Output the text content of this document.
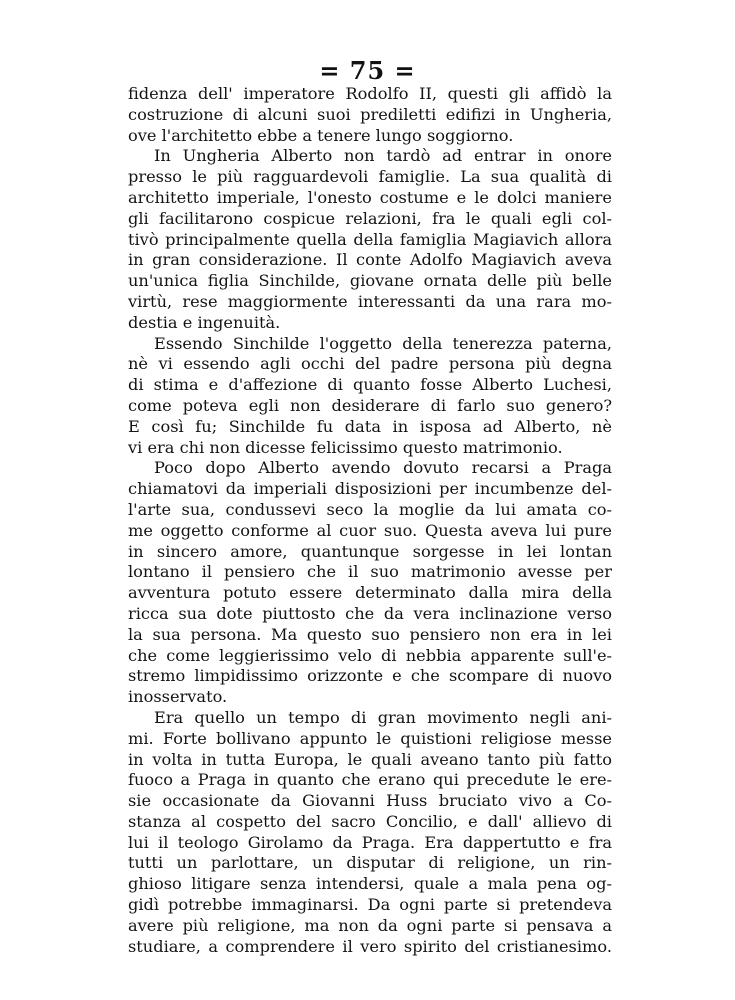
= 75 =
fidenza dell' imperatore Rodolfo II, questi gli affidò la
costruzione di alcuni suoi prediletti edifizi in Ungheria,
ove l'architetto ebbe a tenere lungo soggiorno.
In Ungheria Alberto non tardò ad entrar in onore
presso le più ragguardevoli famiglie. La sua qualità di
architetto imperiale, l'onesto costume e le dolci maniere
gli facilitarono cospicue relazioni, fra le quali egli col-
tivò principalmente quella della famiglia Magiavich allora
in gran considerazione. Il conte Adolfo Magiavich aveva
un'unica figlia Sinchilde, giovane ornata delle più belle
virtù, rese maggiormente interessanti da una rara mo-
destia e ingenuità.
Essendo Sinchilde l'oggetto della tenerezza paterna,
nè vi essendo agli occhi del padre persona più degna
di stima e d'affezione di quanto fosse Alberto Luchesi,
come poteva egli non desiderare di farlo suo genero?
E così fu; Sinchilde fu data in isposa ad Alberto, nè
vi era chi non dicesse felicissimo questo matrimonio.
Poco dopo Alberto avendo dovuto recarsi a Praga
chiamatovi da imperiali disposizioni per incumbenze del-
l'arte sua, condussevi seco la moglie da lui amata co-
me oggetto conforme al cuor suo. Questa aveva lui pure
in sincero amore, quantunque sorgesse in lei lontan
lontano il pensiero che il suo matrimonio avesse per
avventura potuto essere determinato dalla mira della
ricca sua dote piuttosto che da vera inclinazione verso
la sua persona. Ma questo suo pensiero non era in lei
che come leggierissimo velo di nebbia apparente sull'e-
stremo limpidissimo orizzonte e che scompare di nuovo
inosservato.
Era quello un tempo di gran movimento negli ani-
mi. Forte bollivano appunto le quistioni religiose messe
in volta in tutta Europa, le quali aveano tanto più fatto
fuoco a Praga in quanto che erano qui precedute le ere-
sie occasionate da Giovanni Huss bruciato vivo a Co-
stanza al cospetto del sacro Concilio, e dall' allievo di
lui il teologo Girolamo da Praga. Era dappertutto e fra
tutti un parlottare, un disputar di religione, un rin-
ghioso litigare senza intendersi, quale a mala pena og-
gidì potrebbe immaginarsi. Da ogni parte si pretendeva
avere più religione, ma non da ogni parte si pensava a
studiare, a comprendere il vero spirito del cristianesimo.
